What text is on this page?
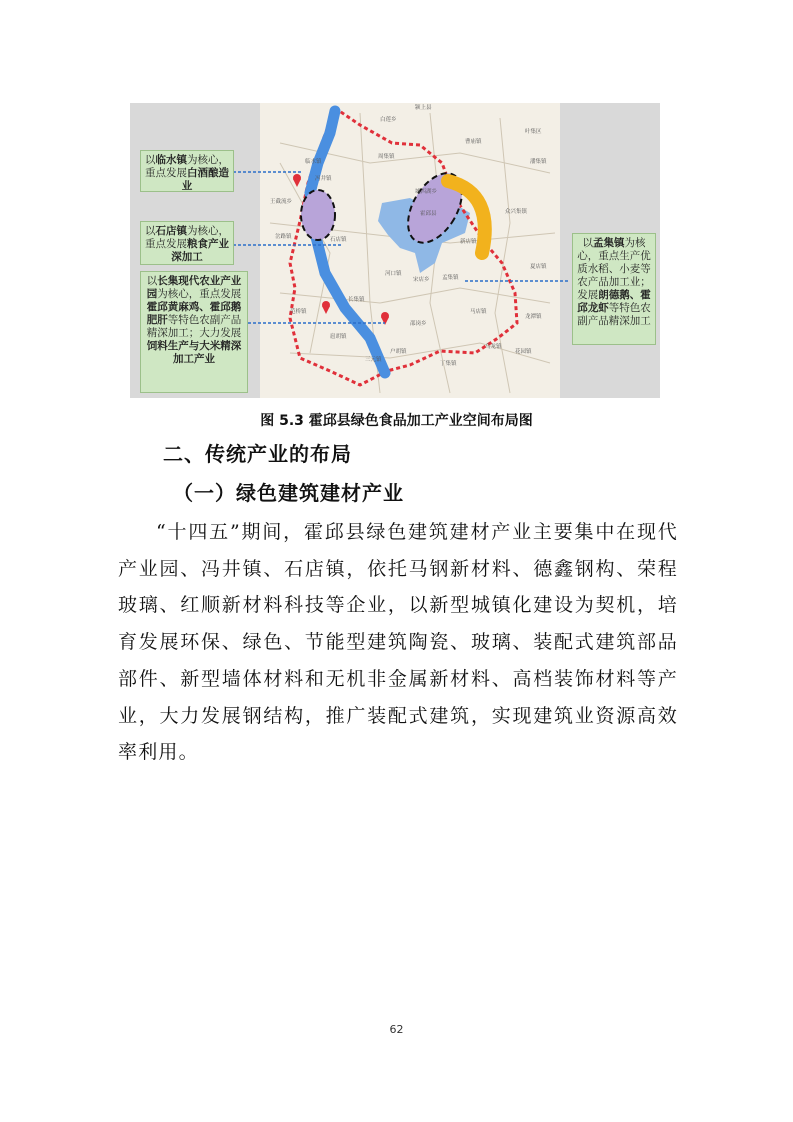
颍上县
临水镇
城西湖乡
石店镇
霍邱县
孟集镇
长集镇
冯井镇
周集镇
叶集区
三元镇
王截流乡
潘集镇
新店镇
河口镇
宋店乡
众兴集镇
邵岗乡
户胡镇
马店镇
夏店镇
龙潭镇
丁集镇
花园镇
范桥镇
白莲乡
曹庙镇
岔路镇
扈胡镇
乌龙镇
以临水镇为核心，重点发展白酒酿造业
以石店镇为核心，重点发展粮食产业深加工
以长集现代农业产业园为核心，重点发展霍邱黄麻鸡、霍邱鹅肥肝等特色农副产品精深加工；大力发展饲料生产与大米精深加工产业
以孟集镇为核心，重点生产优质水稻、小麦等农产品加工业；发展朗德鹅、霍邱龙虾等特色农副产品精深加工
图 5.3 霍邱县绿色食品加工产业空间布局图
二、传统产业的布局
（一）绿色建筑建材产业
“十四五”期间，霍邱县绿色建筑建材产业主要集中在现代产业园、冯井镇、石店镇，依托马钢新材料、德鑫钢构、荣程玻璃、红顺新材料科技等企业，以新型城镇化建设为契机，培育发展环保、绿色、节能型建筑陶瓷、玻璃、装配式建筑部品部件、新型墙体材料和无机非金属新材料、高档装饰材料等产业，大力发展钢结构，推广装配式建筑，实现建筑业资源高效率利用。
62
